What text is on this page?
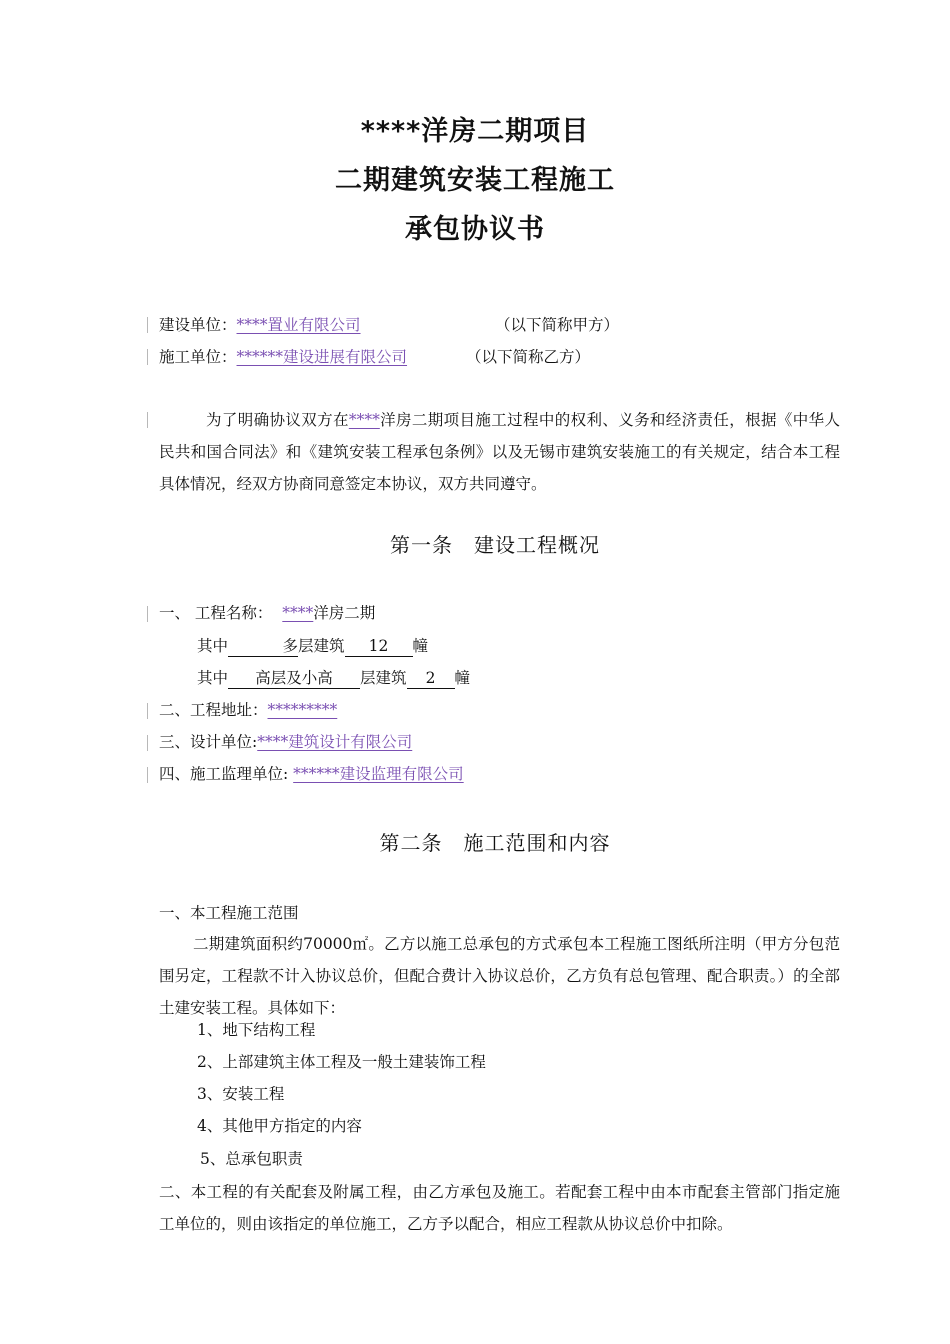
****洋房二期项目
二期建筑安装工程施工
承包协议书
建设单位：****置业有限公司	（以下简称甲方）
施工单位：******建设进展有限公司	（以下简称乙方）
为了明确协议双方在****洋房二期项目施工过程中的权利、义务和经济责任，根据《中华人民共和国合同法》和《建筑安装工程承包条例》以及无锡市建筑安装施工的有关规定，结合本工程具体情况，经双方协商同意签定本协议，双方共同遵守。
第一条　建设工程概况
一、 工程名称： ****洋房二期
其中	多层建筑 12 幢
其中 高层及小高 层建筑 2 幢
二、工程地址：*********
三、设计单位:****建筑设计有限公司
四、施工监理单位: ******建设监理有限公司
第二条　施工范围和内容
一、本工程施工范围
二期建筑面积约70000㎡。乙方以施工总承包的方式承包本工程施工图纸所注明（甲方分包范围另定，工程款不计入协议总价，但配合费计入协议总价，乙方负有总包管理、配合职责。）的全部土建安装工程。具体如下：
1、地下结构工程
2、上部建筑主体工程及一般土建装饰工程
3、安装工程
4、其他甲方指定的内容
5、总承包职责
二、本工程的有关配套及附属工程，由乙方承包及施工。若配套工程中由本市配套主管部门指定施工单位的，则由该指定的单位施工，乙方予以配合，相应工程款从协议总价中扣除。
